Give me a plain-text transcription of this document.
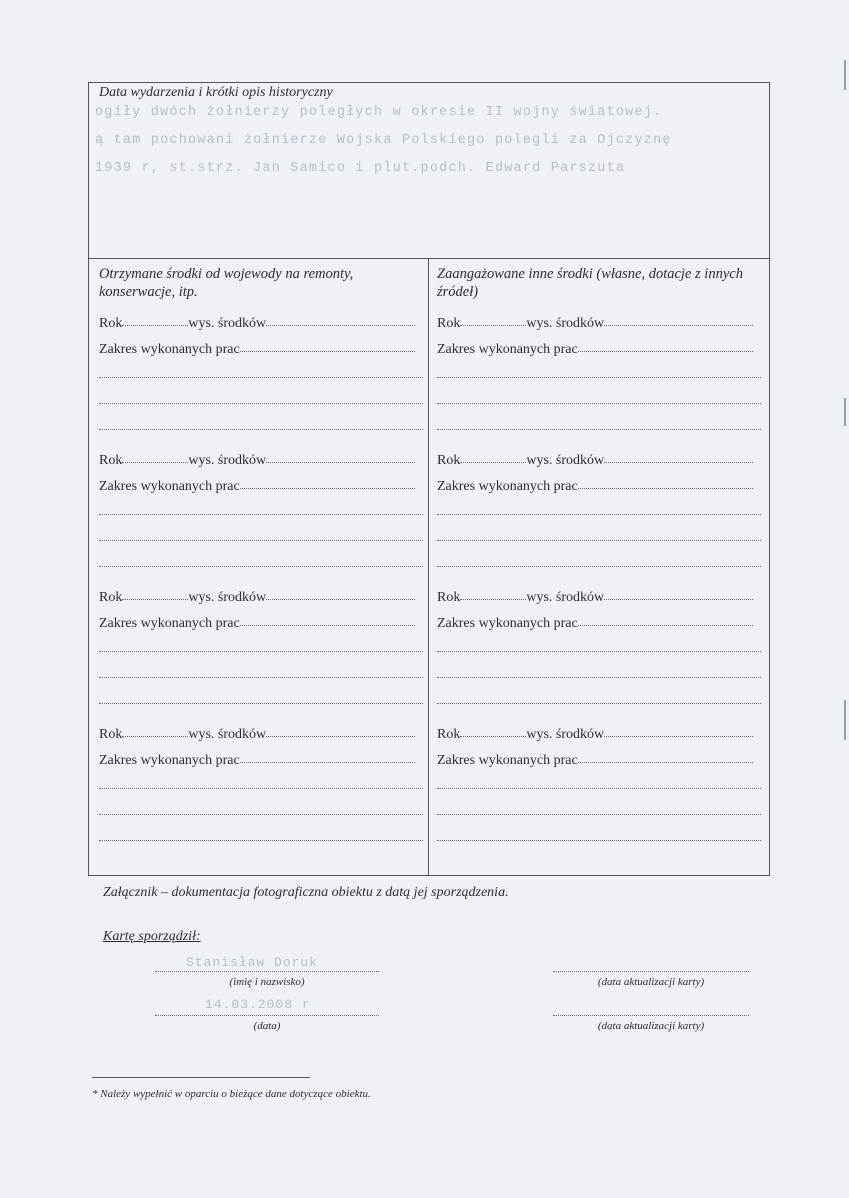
Data wydarzenia i krótki opis historyczny
ogiły dwóch żołnierzy poległych w okresie II wojny światowej.
ą tam pochowani żołnierze Wojska Polskiego polegli za Ojczyznę
1939 r, st.strz. Jan Samico i plut.podch. Edward Parszuta
Otrzymane środki od wojewody na remonty, konserwacje, itp.
Rok	wys. środków
Zakres wykonanych prac
Rok	wys. środków
Zakres wykonanych prac
Rok	wys. środków
Zakres wykonanych prac
Rok	wys. środków
Zakres wykonanych prac
Zaangażowane inne środki (własne, dotacje z innych źródeł)
Rok	wys. środków
Zakres wykonanych prac
Rok	wys. środków
Zakres wykonanych prac
Rok	wys. środków
Zakres wykonanych prac
Rok	wys. środków
Zakres wykonanych prac
Załącznik – dokumentacja fotograficzna obiektu z datą jej sporządzenia.
Kartę sporządził:
Stanisław Doruk
(imię i nazwisko)
14.03.2008 r
(data)
(data aktualizacji karty)
(data aktualizacji karty)
* Należy wypełnić w oparciu o bieżące dane dotyczące obiektu.
